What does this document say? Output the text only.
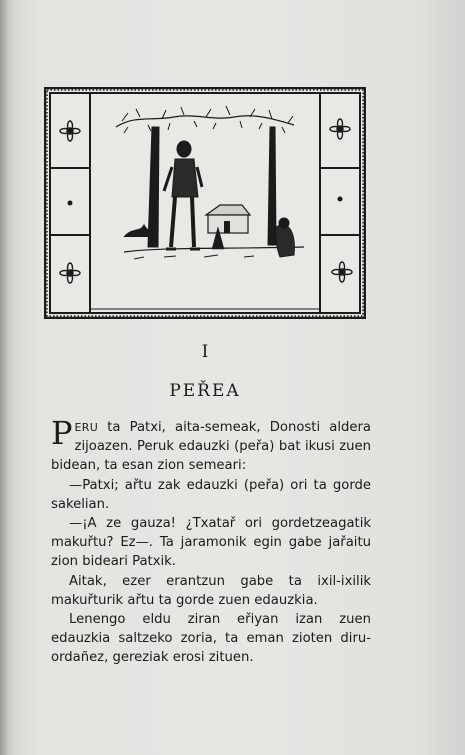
I
PEŘEA

PERU ta Patxi, aita-semeak, Donosti aldera zijoazen. Peruk edauzki (peřa) bat ikusi zuen bidean, ta esan zion semeari:

—Patxi; ařtu zak edauzki (peřa) ori ta gorde sakelian.

—¡A ze gauza! ¿Txatař ori gordetzeagatik makuřtu? Ez—. Ta jaramonik egin gabe jařaitu zion bideari Patxik.

Aitak, ezer erantzun gabe ta ixil-ixilik makuřturik ařtu ta gorde zuen edauzkia.

Lenengo eldu ziran eřiyan izan zuen edauzkia saltzeko zoria, ta eman zioten diru-ordañez, gereziak erosi zituen.
